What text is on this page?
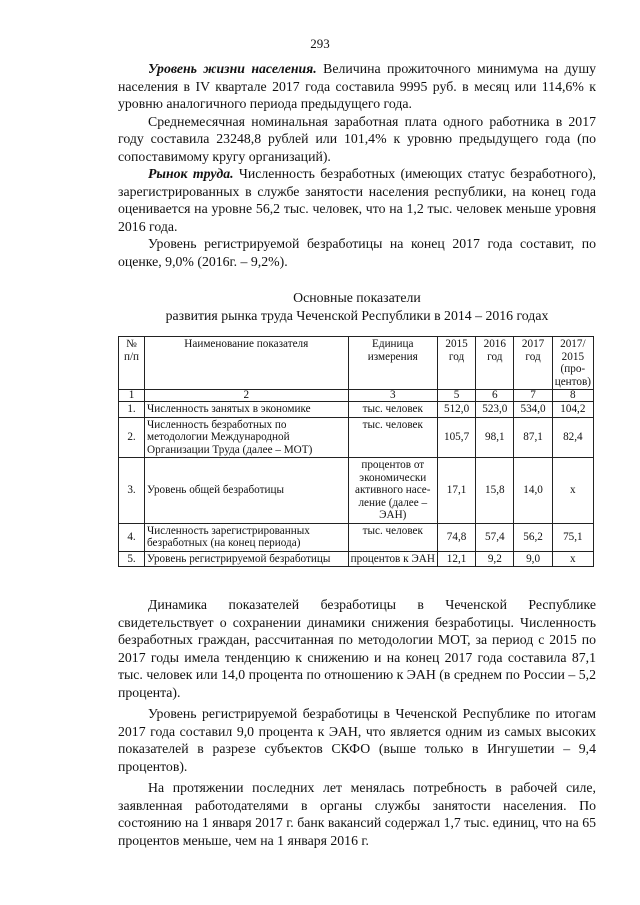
293

Уровень жизни населения. Величина прожиточного минимума на душу населения в IV квартале 2017 года составила 9995 руб. в месяц или 114,6% к уровню аналогичного периода предыдущего года.

Среднемесячная номинальная заработная плата одного работника в 2017 году составила 23248,8 рублей или 101,4% к уровню предыдущего года (по сопоставимому кругу организаций).

Рынок труда. Численность безработных (имеющих статус безработного), зарегистрированных в службе занятости населения республики, на конец года оценивается на уровне 56,2 тыс. человек, что на 1,2 тыс. человек меньше уровня 2016 года.

Уровень регистрируемой безработицы на конец 2017 года составит, по оценке, 9,0% (2016г. – 9,2%).

Основные показатели
развития рынка труда Чеченской Республики в 2014 – 2016 годах
№ п/п	Наименование показателя	Единица измерения	2015 год	2016 год	2017 год	2017/ 2015 (про-центов)
1	2	3	5	6	7	8
1.	Численность занятых в экономике	тыс. человек	512,0	523,0	534,0	104,2
2.	Численность безработных по методологии Международной Организации Труда (далее – МОТ)	тыс. человек	105,7	98,1	87,1	82,4
3.	Уровень общей безработицы	процентов от экономически активного насе-ление (далее – ЭАН)	17,1	15,8	14,0	х
4.	Численность зарегистрированных безработных (на конец периода)	тыс. человек	74,8	57,4	56,2	75,1
5.	Уровень регистрируемой безработицы	процентов к ЭАН	12,1	9,2	9,0	х

Динамика показателей безработицы в Чеченской Республике свидетельствует о сохранении динамики снижения безработицы. Численность безработных граждан, рассчитанная по методологии МОТ, за период с 2015 по 2017 годы имела тенденцию к снижению и на конец 2017 года составила 87,1 тыс. человек или 14,0 процента по отношению к ЭАН (в среднем по России – 5,2 процента).

Уровень регистрируемой безработицы в Чеченской Республике по итогам 2017 года составил 9,0 процента к ЭАН, что является одним из самых высоких показателей в разрезе субъектов СКФО (выше только в Ингушетии – 9,4 процентов).

На протяжении последних лет менялась потребность в рабочей силе, заявленная работодателями в органы службы занятости населения. По состоянию на 1 января 2017 г. банк вакансий содержал 1,7 тыс. единиц, что на 65 процентов меньше, чем на 1 января 2016 г.
